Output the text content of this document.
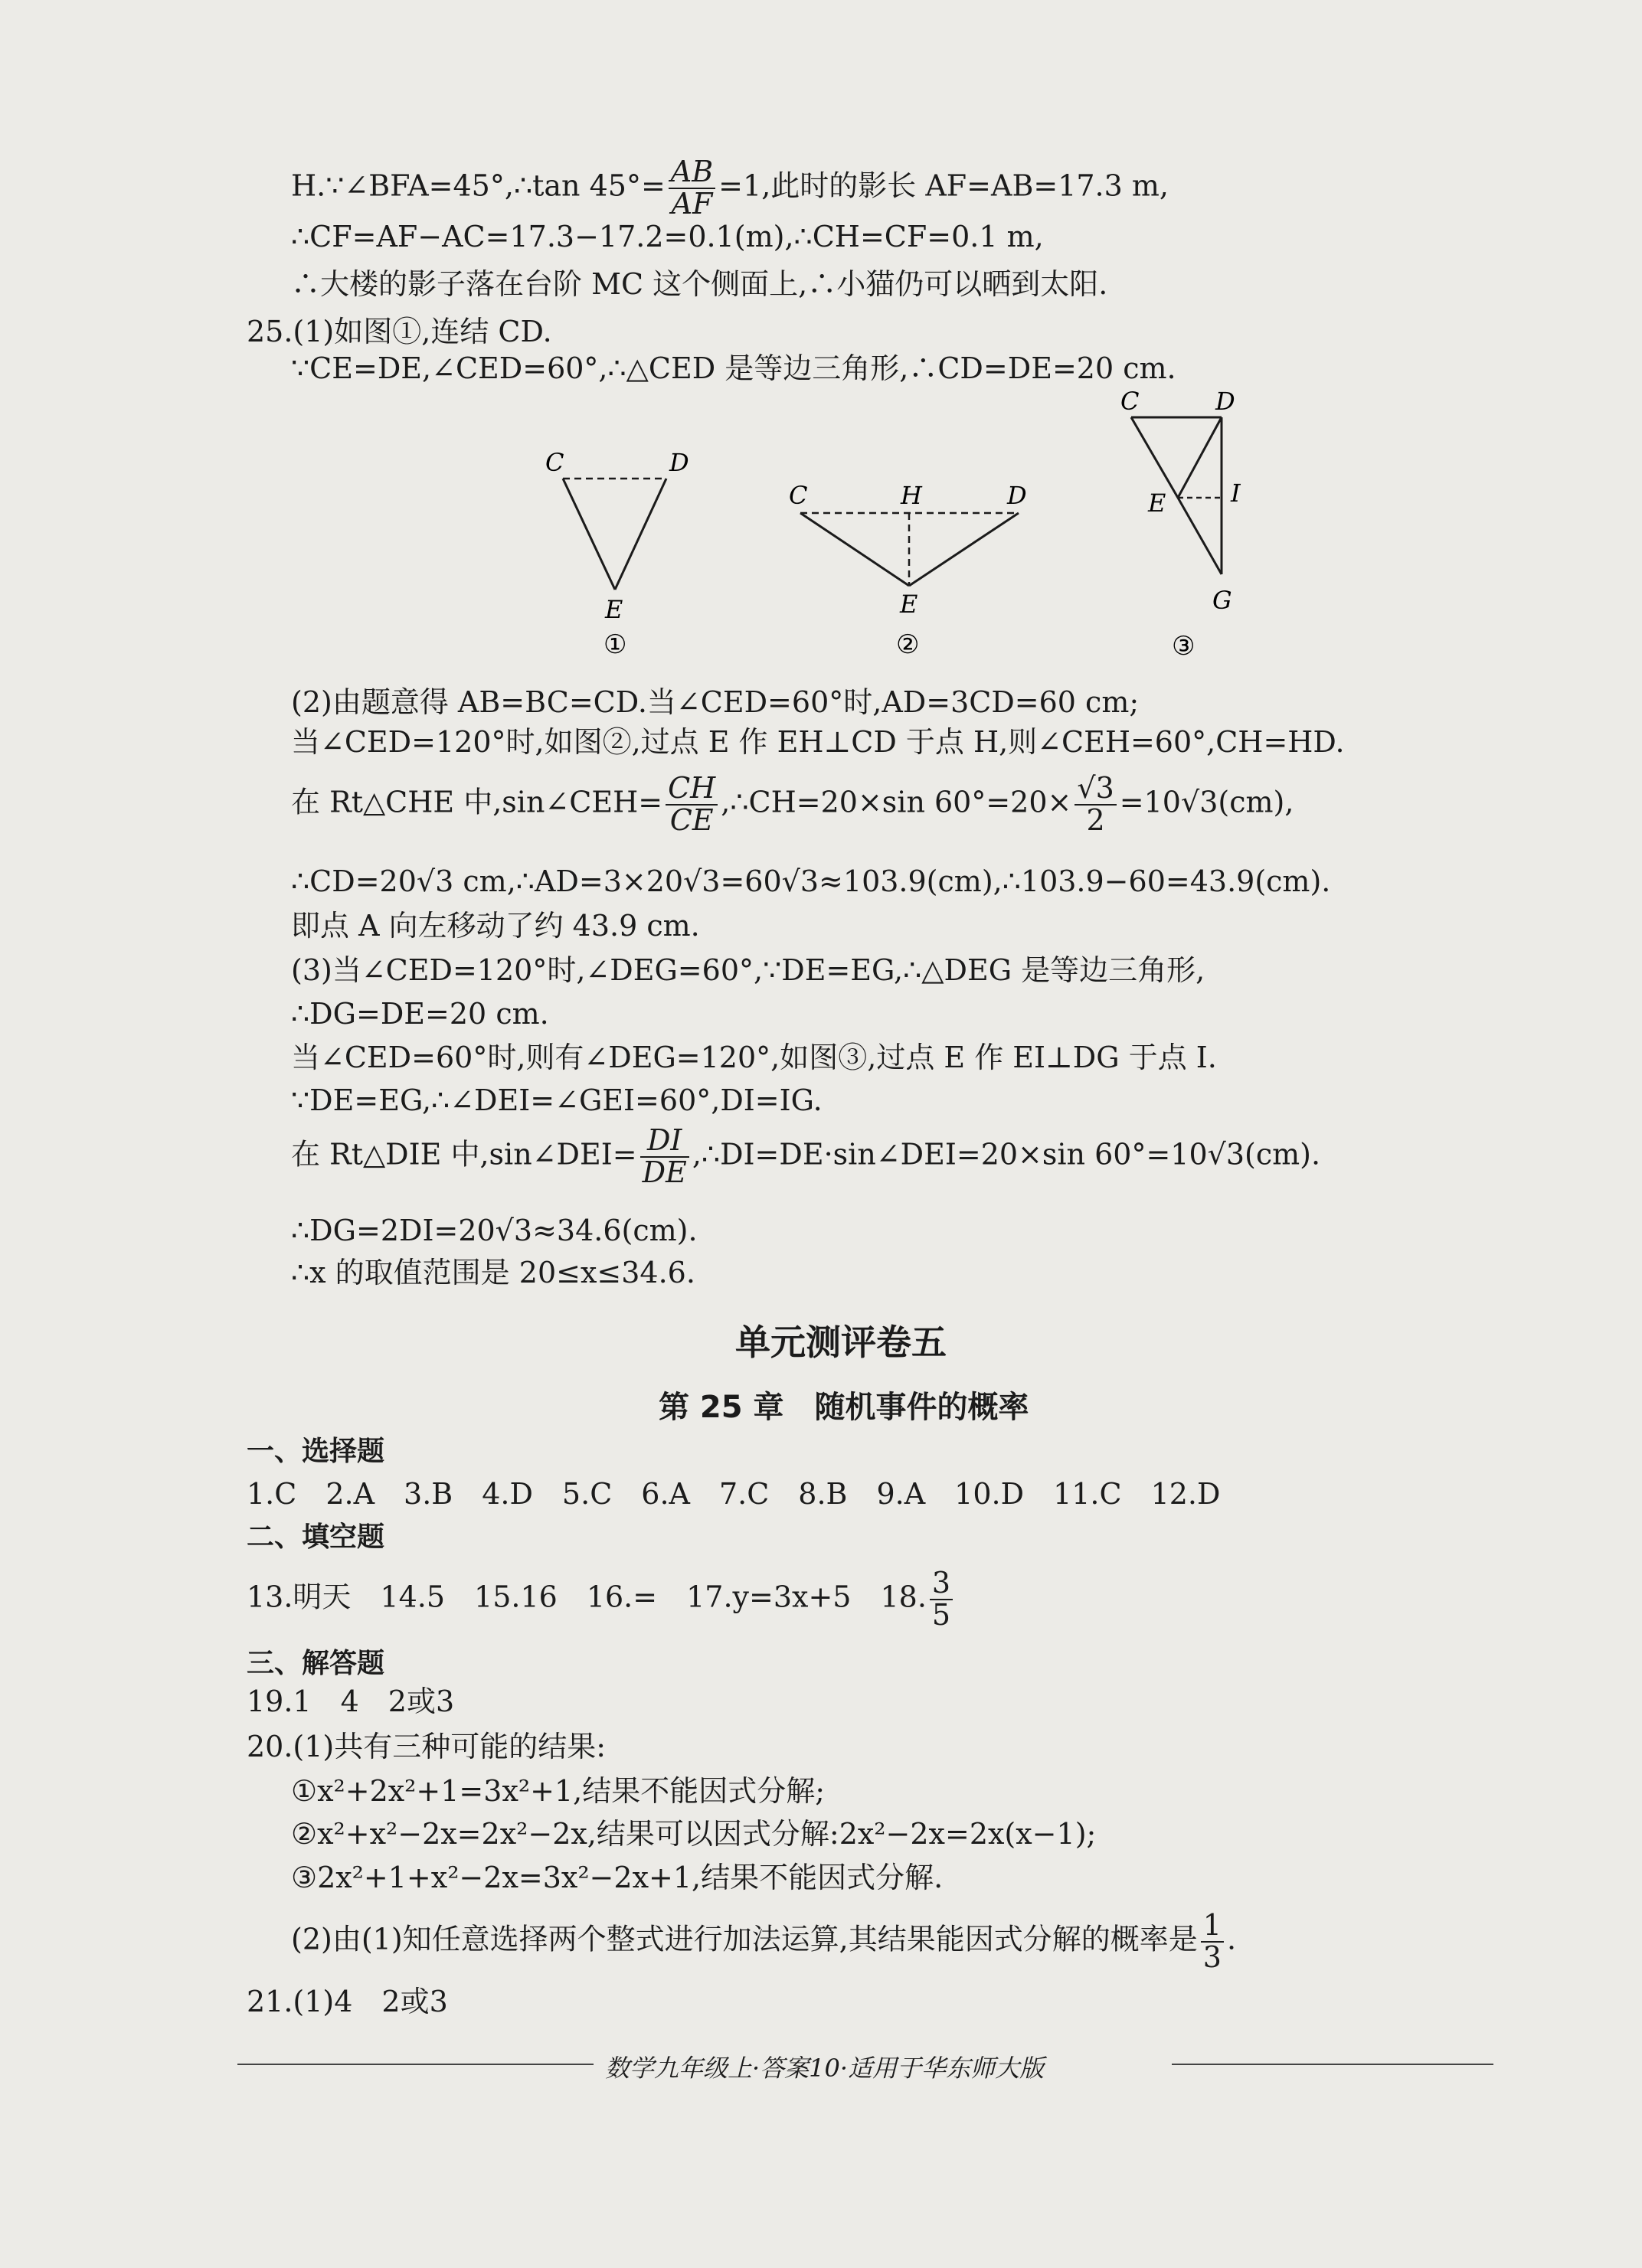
H.∵∠BFA=45°,∴tan $45^\circ= \frac{AB}{AF} =1$,此时的影长 AF=AB=17.3 m,
∴CF=AF−AC=17.3−17.2=0.1(m),∴CH=CF=0.1 m,
∴大楼的影子落在台阶 MC 这个侧面上,∴小猫仍可以晒到太阳.
25.(1)如图①,连结 CD.
∵CE=DE,∠CED=60°,∴△CED 是等边三角形,∴CD=DE=20 cm.
C	D
E
①
C	H	D
E
②
C	D
E	I
G
③
(2)由题意得 AB=BC=CD.当∠CED=60°时,AD=3CD=60 cm;
当∠CED=120°时,如图②,过点 E 作 EH⊥CD 于点 H,则∠CEH=60°,CH=HD.
在 Rt△CHE 中,sin∠CEH= $\frac{CH}{CE}$ ,∴CH=20×sin $60^\circ=20\times \frac{√3}{2} =10√3(cm)$,
∴CD=20√3 cm,∴AD=3×20√3=60√3≈103.9(cm),∴103.9−60=43.9(cm).
即点 A 向左移动了约 43.9 cm.
(3)当∠CED=120°时,∠DEG=60°,∵DE=EG,∴△DEG 是等边三角形,
∴DG=DE=20 cm.
当∠CED=60°时,则有∠DEG=120°,如图③,过点 E 作 EI⊥DG 于点 I.
∵DE=EG,∴∠DEI=∠GEI=60°,DI=IG.
在 Rt△DIE 中,sin∠DEI= $\frac{DI}{DE}$ ,∴DI=DE·sin∠DEI=20×sin 60°=10√3(cm).
∴DG=2DI=20√3≈34.6(cm).
∴x 的取值范围是 20≤x≤34.6.
单元测评卷五
第 25 章　随机事件的概率
一、选择题
1.C　2.A　3.B　4.D　5.C　6.A　7.C　8.B　9.A　10.D　11.C　12.D
二、填空题
13.明天　14.5　15.16　16.=　17.y=3x+5　18. $\frac{3}{5}$
三、解答题
19.1　4　2或3
20.(1)共有三种可能的结果:
①x²+2x²+1=3x²+1,结果不能因式分解;
②x²+x²−2x=2x²−2x,结果可以因式分解:2x²−2x=2x(x−1);
③2x²+1+x²−2x=3x²−2x+1,结果不能因式分解.
(2)由(1)知任意选择两个整式进行加法运算,其结果能因式分解的概率是 $\frac{1}{3}$ .
21.(1)4　2或3
数学九年级上·答案10·适用于华东师大版
